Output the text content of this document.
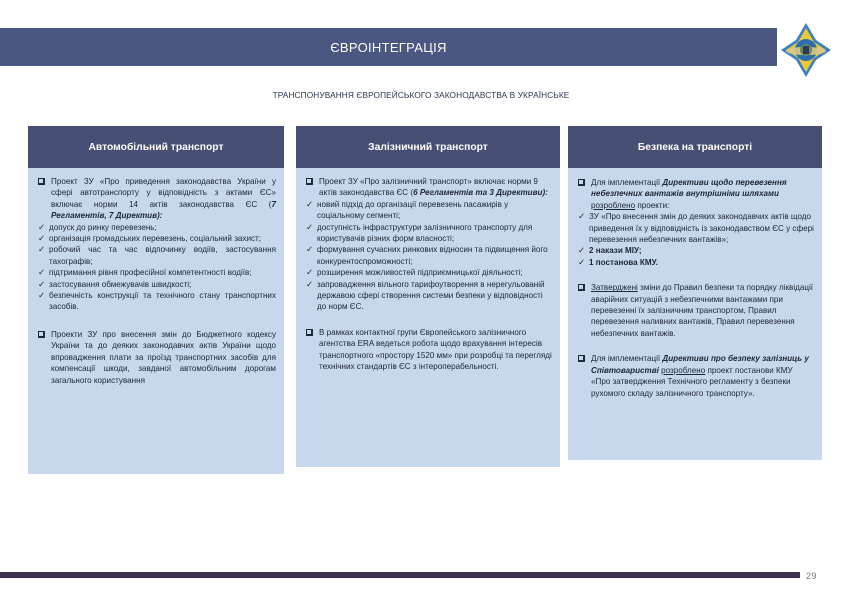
ЄВРОІНТЕГРАЦІЯ
ТРАНСПОНУВАННЯ ЄВРОПЕЙСЬКОГО ЗАКОНОДАВСТВА В УКРАЇНСЬКЕ
Автомобільний транспорт
Проект ЗУ «Про приведення законодавства України у сфері автотранспорту у відповідність з актами ЄС» включає норми 14 актів законодавства ЄС (7 Регламентів, 7 Директив):
✓ допуск до ринку перевезень;
✓ організація громадських перевезень, соціальний захист;
✓ робочий час та час відпочинку водіїв, застосування тахографів;
✓ підтримання рівня професійної компетентності водіїв;
✓ застосування обмежувачів швидкості;
✓ безпечність конструкції та технічного стану транспортних засобів.
Проекти ЗУ про внесення змін до Бюджетного кодексу України та до деяких законодавчих актів України щодо впровадження плати за проїзд транспортних засобів для компенсації шкоди, завданої автомобільним дорогам загального користування
Залізничний транспорт
Проект ЗУ «Про залізничний транспорт» включає норми 9 актів законодавства ЄС (6 Регламентів та 3 Директиви):
✓ новий підхід до організації перевезень пасажирів у соціальному сегменті;
✓ доступність інфраструктури залізничного транспорту для користувачів різних форм власності;
✓ формування сучасних ринкових відносин та підвищення його конкурентоспроможності;
✓ розширення можливостей підприємницької діяльності;
✓ запровадження вільного тарифоутворення в нерегульованій державою сфері створення системи безпеки у відповідності до норм ЄС.
В рамках контактної групи Європейського залізничного агентства ERA ведеться робота щодо врахування інтересів транспортного «простору 1520 мм» при розробці та перегляді технічних стандартів ЄС з інтероперабельності.
Безпека на транспорті
Для імплементації Директиви щодо перевезення небезпечних вантажів внутрішніми шляхами розроблено проекти:
✓ ЗУ «Про внесення змін до деяких законодавчих актів щодо приведення їх у відповідність із законодавством ЄС у сфері перевезення небезпечних вантажів»;
✓ 2 накази МІУ;
✓ 1 постанова КМУ.
Затверджені зміни до Правил безпеки та порядку ліквідації аварійних ситуацій з небезпечними вантажами при перевезенні їх залізничним транспортом, Правил перевезення наливних вантажів, Правил перевезення небезпечних вантажів.
Для імплементації Директиви про безпеку залізниць у Співтоваристві розроблено проект постанови КМУ «Про затвердження Технічного регламенту з безпеки рухомого складу залізничного транспорту».
29
